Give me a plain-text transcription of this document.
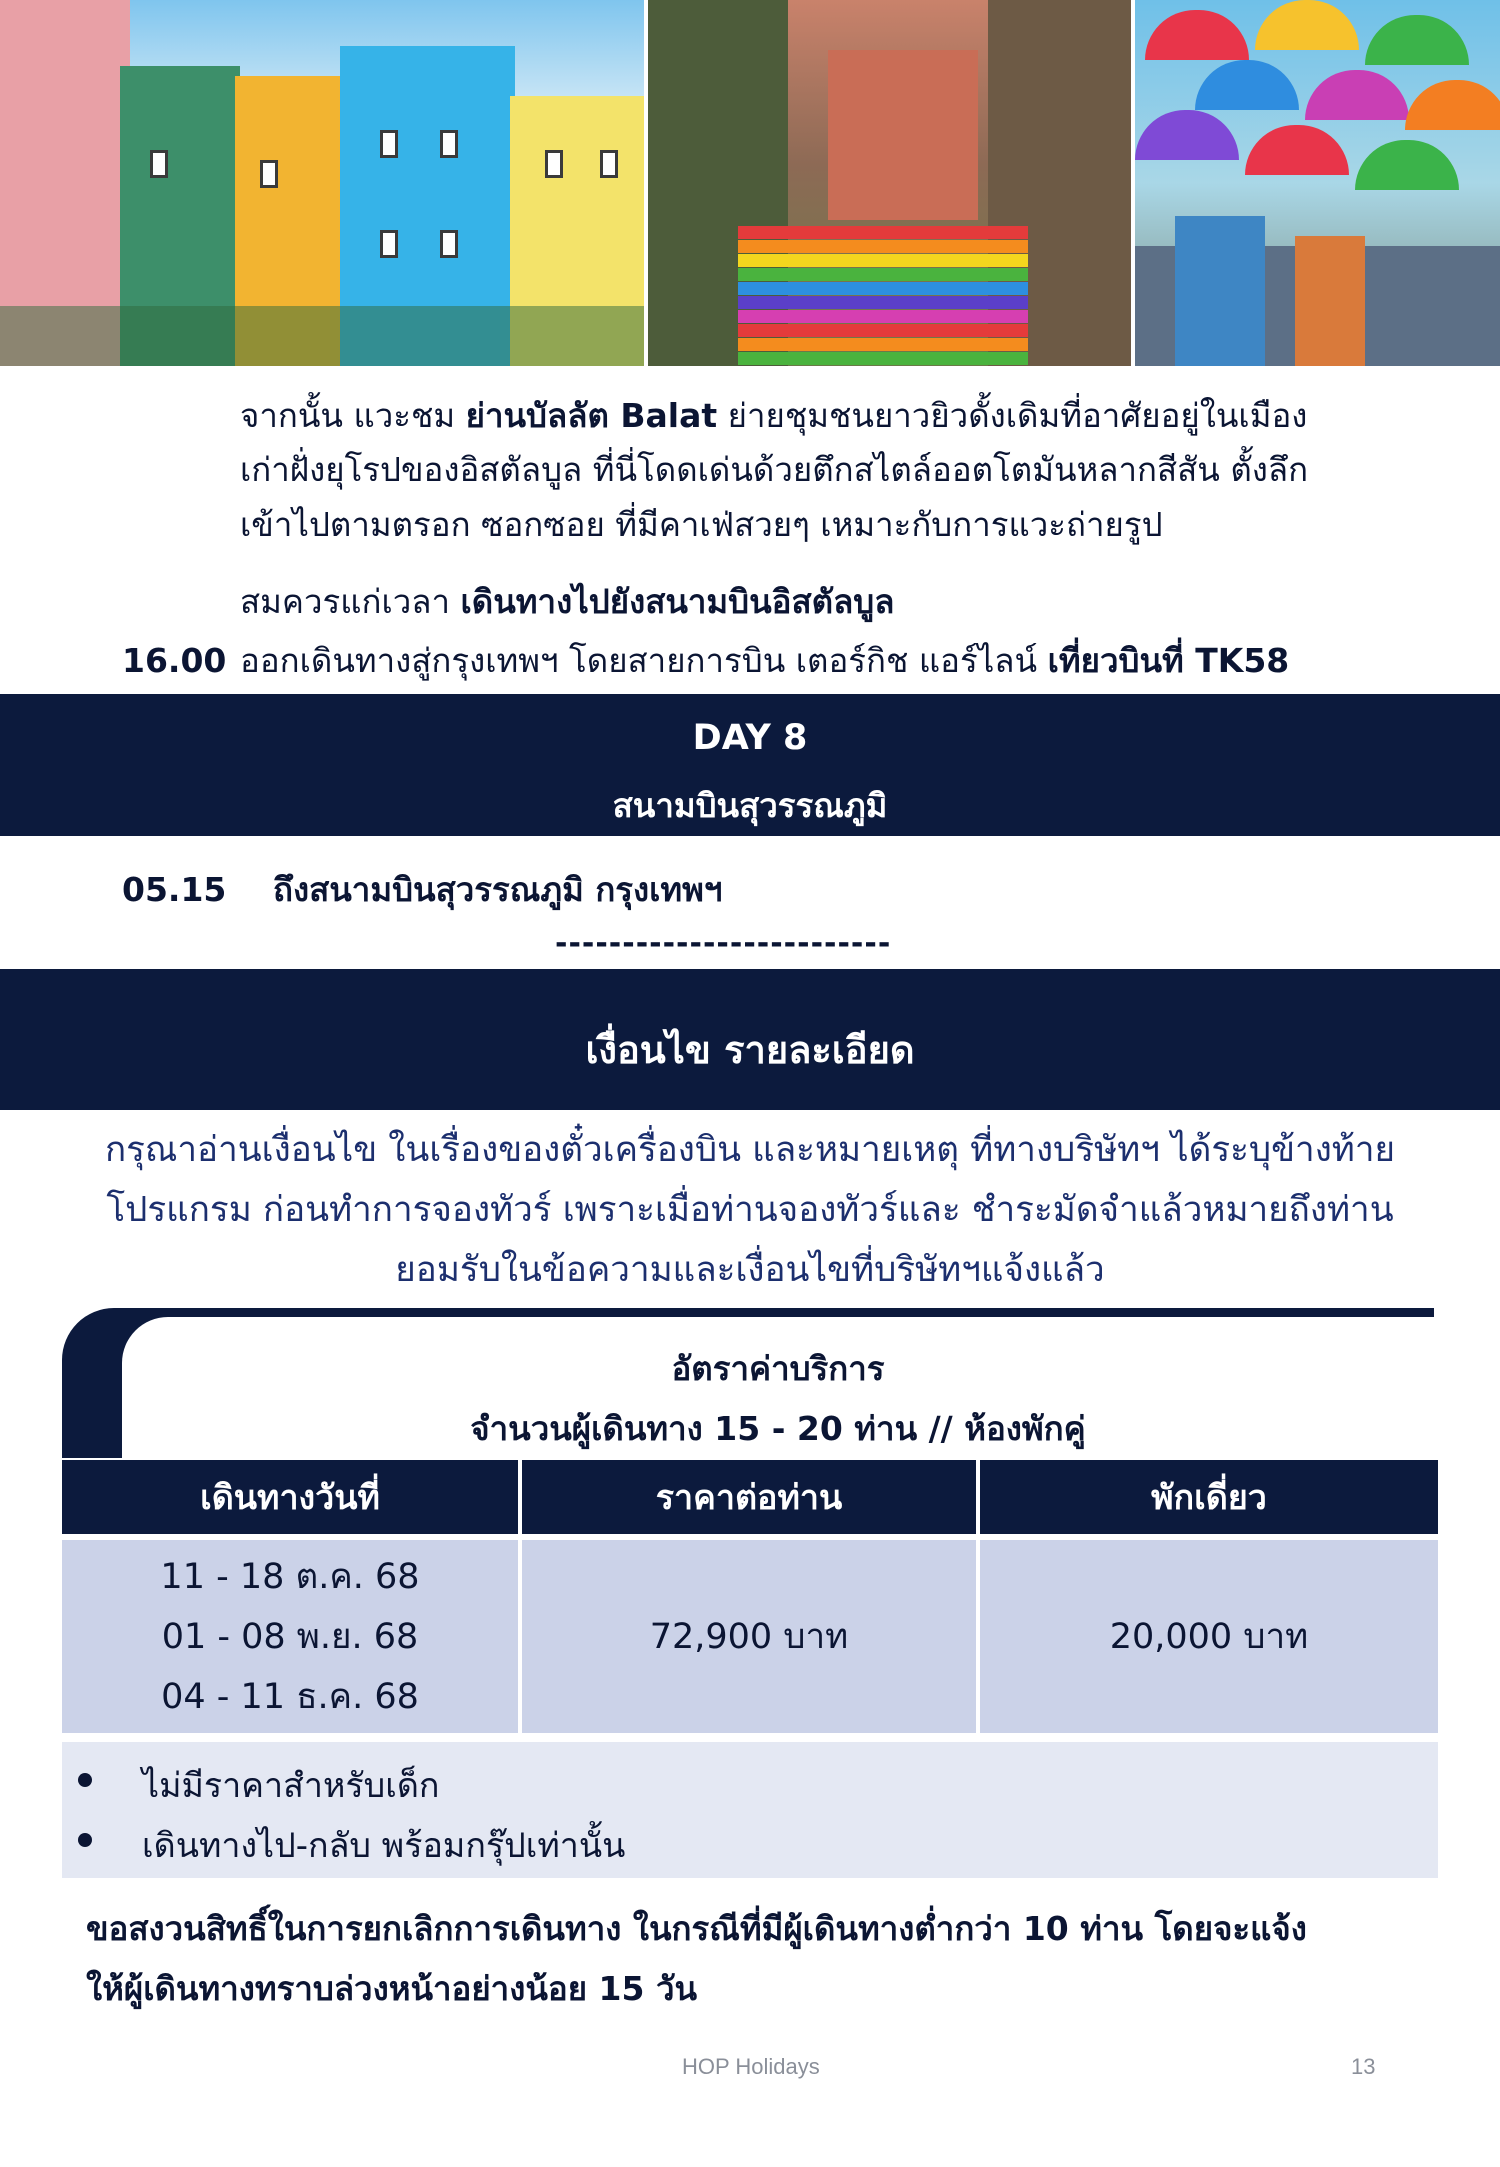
จากนั้น แวะชม ย่านบัลลัต Balat ย่ายชุมชนยาวยิวดั้งเดิมที่อาศัยอยู่ในเมือง
เก่าฝั่งยุโรปของอิสตัลบูล ที่นี่โดดเด่นด้วยตึกสไตล์ออตโตมันหลากสีสัน ตั้งลึก
เข้าไปตามตรอก ซอกซอย ที่มีคาเฟ่สวยๆ เหมาะกับการแวะถ่ายรูป
สมควรแก่เวลา เดินทางไปยังสนามบินอิสตัลบูล
16.00 ออกเดินทางสู่กรุงเทพฯ โดยสายการบิน เตอร์กิช แอร์ไลน์ เที่ยวบินที่ TK58
DAY 8
สนามบินสุวรรณภูมิ
05.15 ถึงสนามบินสุวรรณภูมิ กรุงเทพฯ
-------------------------
เงื่อนไข รายละเอียด
กรุณาอ่านเงื่อนไข ในเรื่องของตั๋วเครื่องบิน และหมายเหตุ ที่ทางบริษัทฯ ได้ระบุข้างท้าย
โปรแกรม ก่อนทำการจองทัวร์ เพราะเมื่อท่านจองทัวร์และ ชำระมัดจำแล้วหมายถึงท่าน
ยอมรับในข้อความและเงื่อนไขที่บริษัทฯแจ้งแล้ว
อัตราค่าบริการ
จำนวนผู้เดินทาง 15 - 20 ท่าน // ห้องพักคู่
เดินทางวันที่	ราคาต่อท่าน	พักเดี่ยว

11 - 18 ต.ค. 68
01 - 08 พ.ย. 68
04 - 11 ธ.ค. 68	72,900 บาท	20,000 บาท
ไม่มีราคาสำหรับเด็ก
เดินทางไป-กลับ พร้อมกรุ๊ปเท่านั้น
ขอสงวนสิทธิ์ในการยกเลิกการเดินทาง ในกรณีที่มีผู้เดินทางต่ำกว่า 10 ท่าน โดยจะแจ้ง
ให้ผู้เดินทางทราบล่วงหน้าอย่างน้อย 15 วัน
HOP Holidays	13
